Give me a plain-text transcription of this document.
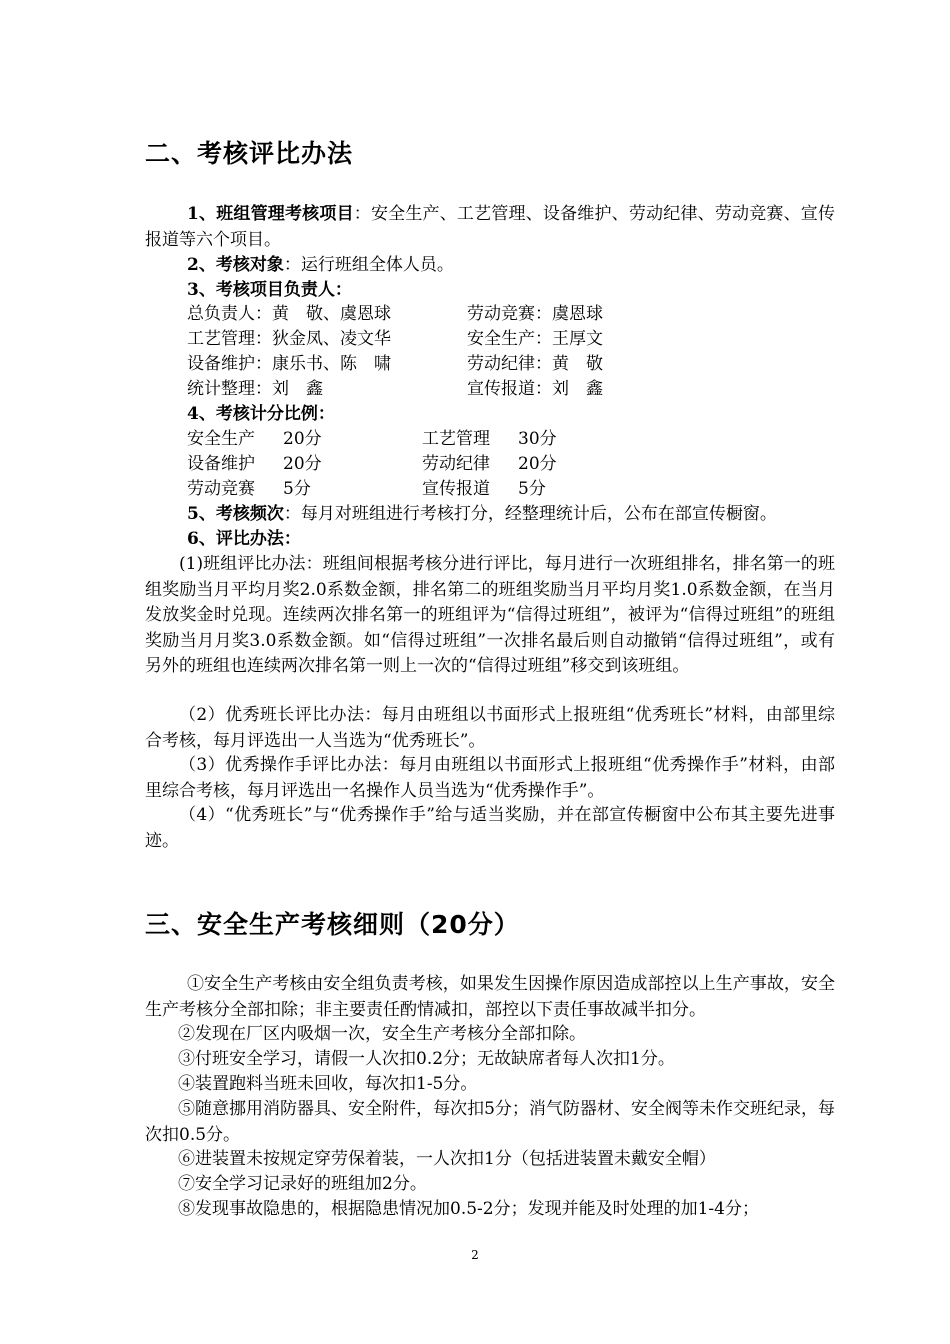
二、考核评比办法
1、班组管理考核项目：安全生产、工艺管理、设备维护、劳动纪律、劳动竞赛、宣传报道等六个项目。
2、考核对象：运行班组全体人员。
3、考核项目负责人：
总负责人：黄　敬、虞恩球	劳动竞赛：虞恩球
工艺管理：狄金凤、凌文华	安全生产：王厚文
设备维护：康乐书、陈　啸	劳动纪律：黄　敬
统计整理：刘　鑫	宣传报道：刘　鑫
4、考核计分比例：
安全生产 20分	工艺管理 30分
设备维护 20分	劳动纪律 20分
劳动竞赛 5分	宣传报道 5分
5、考核频次：每月对班组进行考核打分，经整理统计后，公布在部宣传橱窗。
6、评比办法：
(1)班组评比办法：班组间根据考核分进行评比，每月进行一次班组排名，排名第一的班组奖励当月平均月奖2.0系数金额，排名第二的班组奖励当月平均月奖1.0系数金额，在当月发放奖金时兑现。连续两次排名第一的班组评为“信得过班组”，被评为“信得过班组”的班组奖励当月月奖3.0系数金额。如“信得过班组”一次排名最后则自动撤销“信得过班组”，或有另外的班组也连续两次排名第一则上一次的“信得过班组”移交到该班组。
（2）优秀班长评比办法：每月由班组以书面形式上报班组“优秀班长”材料，由部里综合考核，每月评选出一人当选为“优秀班长”。
（3）优秀操作手评比办法：每月由班组以书面形式上报班组“优秀操作手”材料，由部里综合考核，每月评选出一名操作人员当选为“优秀操作手”。
（4）“优秀班长”与“优秀操作手”给与适当奖励，并在部宣传橱窗中公布其主要先进事迹。
三、安全生产考核细则（20分）
①安全生产考核由安全组负责考核，如果发生因操作原因造成部控以上生产事故，安全生产考核分全部扣除；非主要责任酌情减扣，部控以下责任事故减半扣分。
②发现在厂区内吸烟一次，安全生产考核分全部扣除。
③付班安全学习，请假一人次扣0.2分；无故缺席者每人次扣1分。
④装置跑料当班未回收，每次扣1-5分。
⑤随意挪用消防器具、安全附件，每次扣5分；消气防器材、安全阀等未作交班纪录，每次扣0.5分。
⑥进装置未按规定穿劳保着装，一人次扣1分（包括进装置未戴安全帽）
⑦安全学习记录好的班组加2分。
⑧发现事故隐患的，根据隐患情况加0.5-2分；发现并能及时处理的加1-4分；
2
